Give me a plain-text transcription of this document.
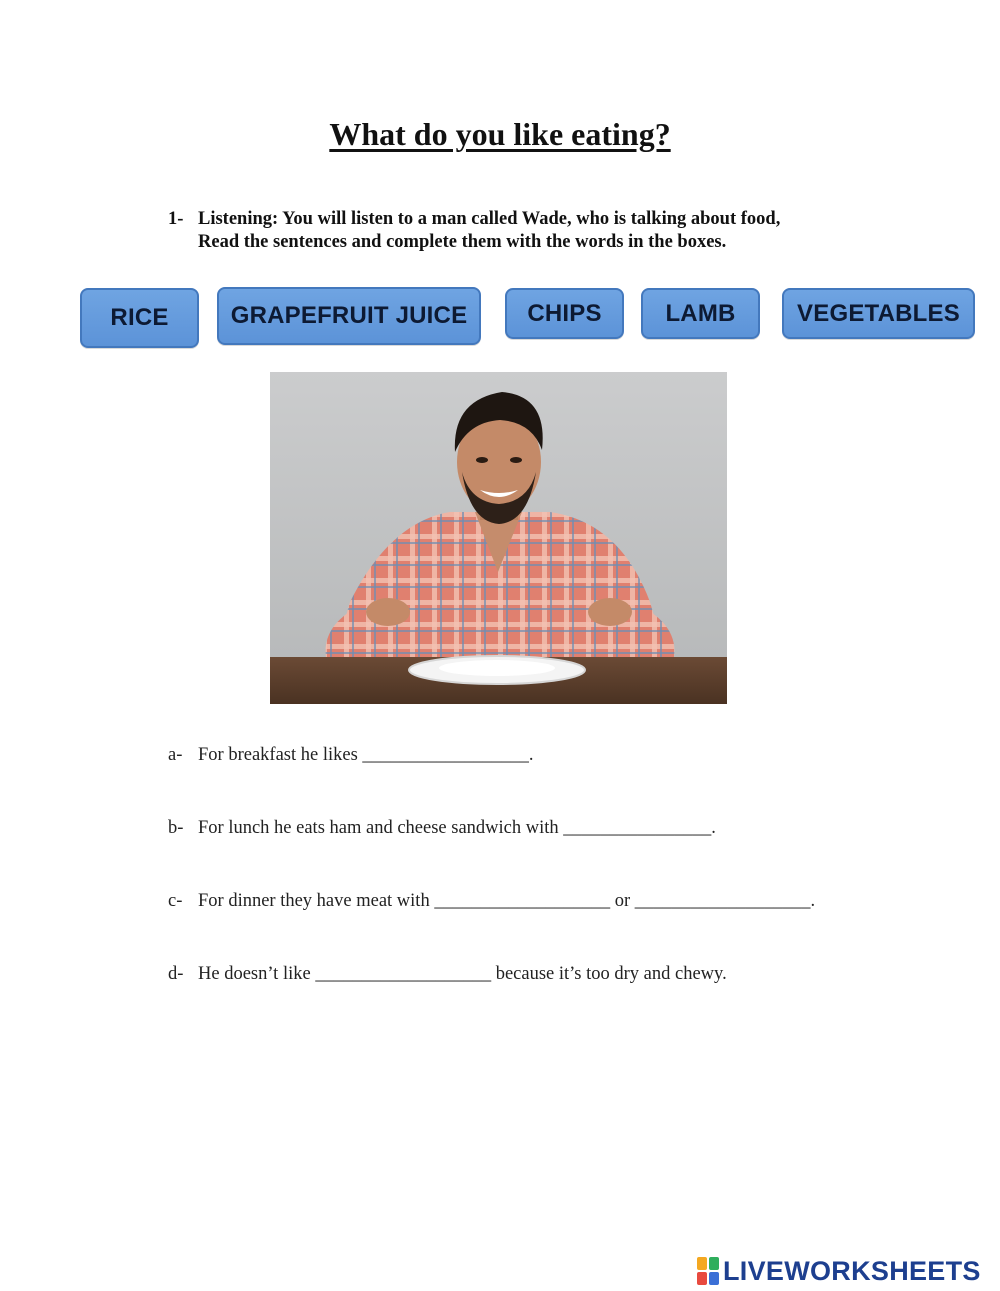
What do you like eating?
1- Listening: You will listen to a man called Wade, who is talking about food,
Read the sentences and complete them with the words in the boxes.
RICE	GRAPEFRUIT JUICE	CHIPS	LAMB	VEGETABLES
a- For breakfast he likes __________________.
b- For lunch he eats ham and cheese sandwich with ________________.
c- For dinner they have meat with ___________________ or ___________________.
d- He doesn’t like ___________________ because it’s too dry and chewy.
LIVEWORKSHEETS
